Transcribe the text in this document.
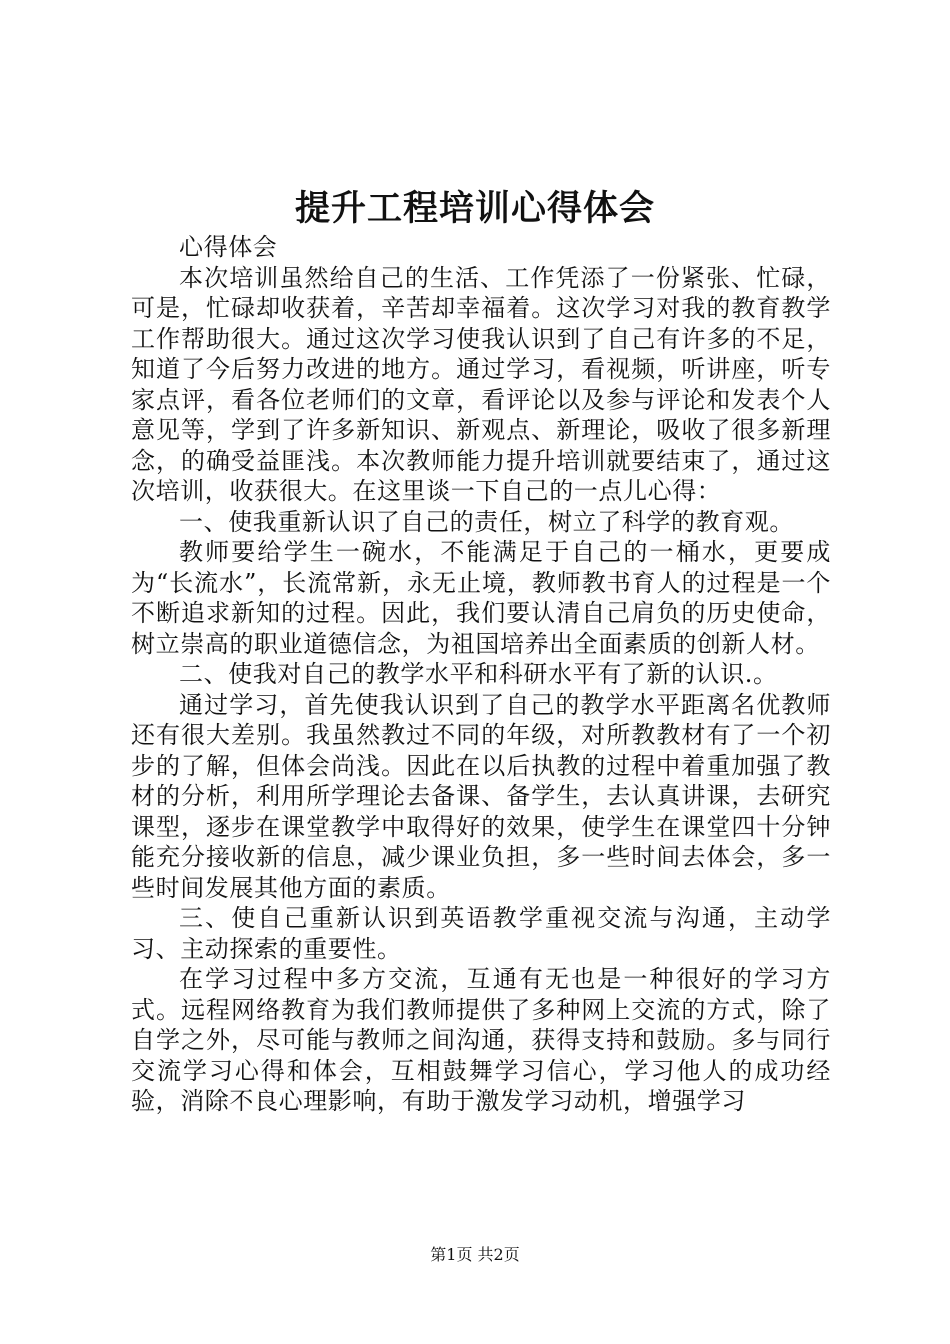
提升工程培训心得体会

心得体会

本次培训虽然给自己的生活、工作凭添了一份紧张、忙碌，可是，忙碌却收获着，辛苦却幸福着。这次学习对我的教育教学工作帮助很大。通过这次学习使我认识到了自己有许多的不足，知道了今后努力改进的地方。通过学习，看视频，听讲座，听专家点评，看各位老师们的文章，看评论以及参与评论和发表个人意见等，学到了许多新知识、新观点、新理论，吸收了很多新理念，的确受益匪浅。本次教师能力提升培训就要结束了，通过这次培训，收获很大。在这里谈一下自己的一点儿心得：

一、使我重新认识了自己的责任，树立了科学的教育观。

教师要给学生一碗水，不能满足于自己的一桶水，更要成为“长流水”，长流常新，永无止境，教师教书育人的过程是一个不断追求新知的过程。因此，我们要认清自己肩负的历史使命，树立崇高的职业道德信念，为祖国培养出全面素质的创新人材。

二、使我对自己的教学水平和科研水平有了新的认识.。

通过学习，首先使我认识到了自己的教学水平距离名优教师还有很大差别。我虽然教过不同的年级，对所教教材有了一个初步的了解，但体会尚浅。因此在以后执教的过程中着重加强了教材的分析，利用所学理论去备课、备学生，去认真讲课，去研究课型，逐步在课堂教学中取得好的效果，使学生在课堂四十分钟能充分接收新的信息，减少课业负担，多一些时间去体会，多一些时间发展其他方面的素质。

三、使自己重新认识到英语教学重视交流与沟通，主动学习、主动探索的重要性。

在学习过程中多方交流，互通有无也是一种很好的学习方式。远程网络教育为我们教师提供了多种网上交流的方式，除了自学之外，尽可能与教师之间沟通，获得支持和鼓励。多与同行交流学习心得和体会，互相鼓舞学习信心，学习他人的成功经验，消除不良心理影响，有助于激发学习动机，增强学习

第1页 共2页
